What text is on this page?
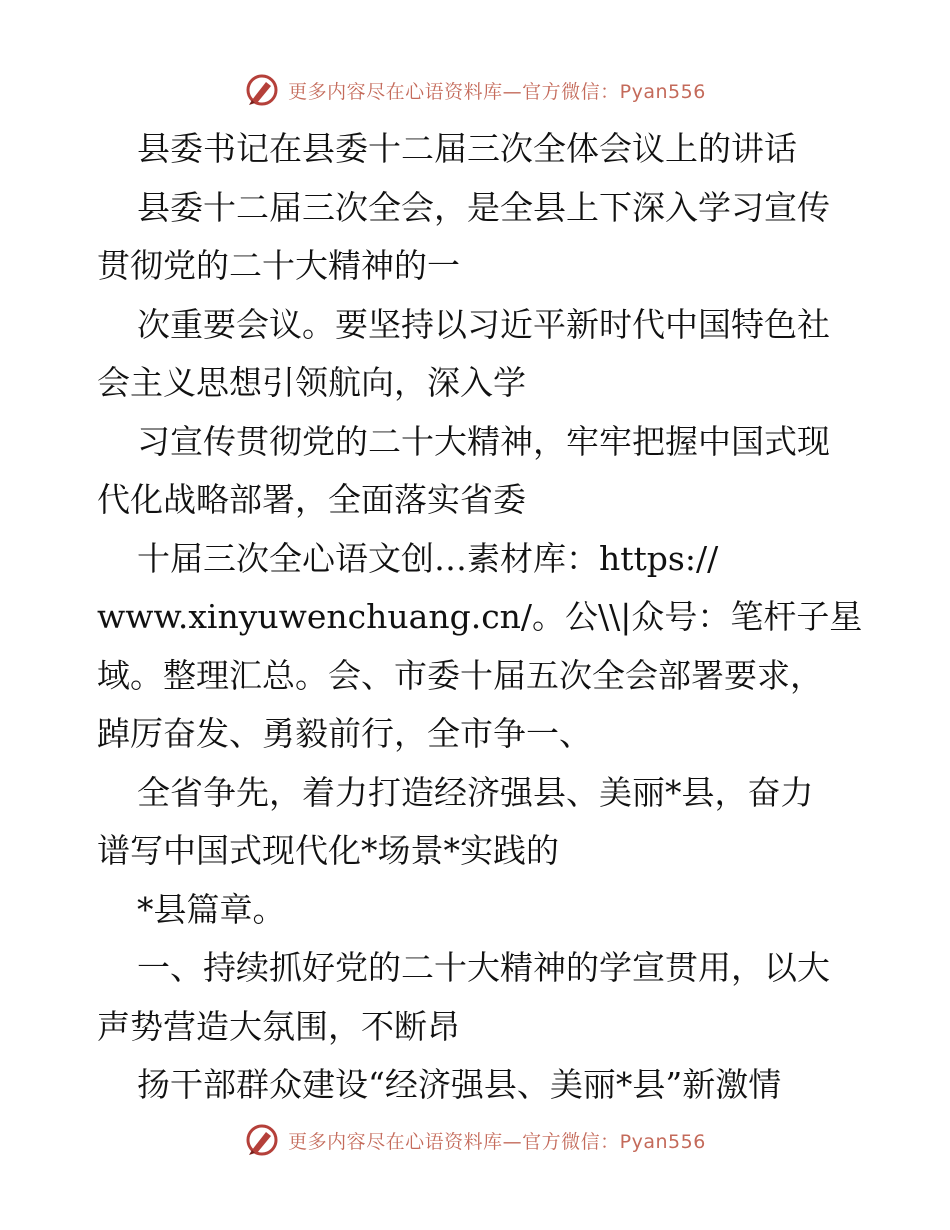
更多内容尽在心语资料库—官方微信：Pyan556
县委书记在县委十二届三次全体会议上的讲话
县委十二届三次全会，是全县上下深入学习宣传
贯彻党的二十大精神的一
次重要会议。要坚持以习近平新时代中国特色社
会主义思想引领航向，深入学
习宣传贯彻党的二十大精神，牢牢把握中国式现
代化战略部署，全面落实省委
十届三次全心语文创…素材库：https://
www.xinyuwenchuang.cn/。公\\|众号：笔杆子星
域。整理汇总。会、市委十届五次全会部署要求，
踔厉奋发、勇毅前行，全市争一、
全省争先，着力打造经济强县、美丽*县，奋力
谱写中国式现代化*场景*实践的
*县篇章。
一、持续抓好党的二十大精神的学宣贯用，以大
声势营造大氛围，不断昂
扬干部群众建设“经济强县、美丽*县”新激情
更多内容尽在心语资料库—官方微信：Pyan556
